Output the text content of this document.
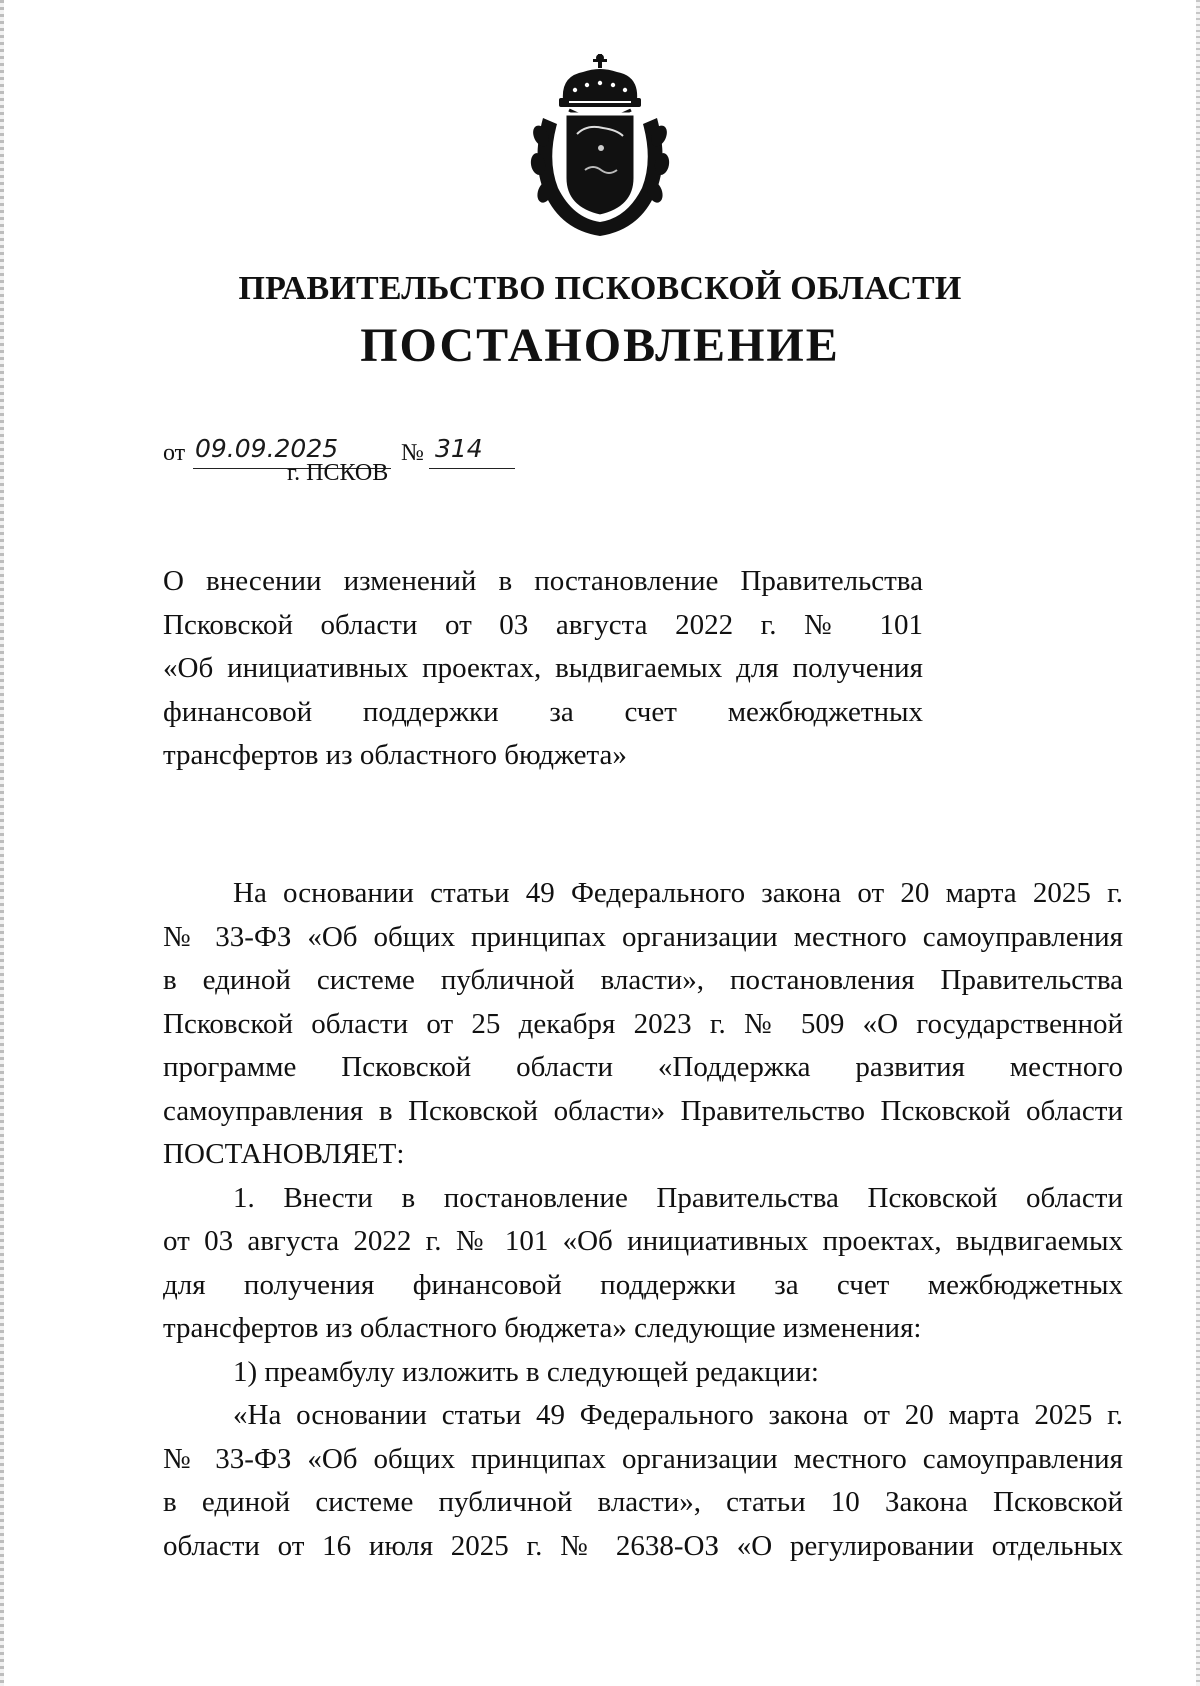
ПРАВИТЕЛЬСТВО ПСКОВСКОЙ ОБЛАСТИ
ПОСТАНОВЛЕНИЕ
от 09.09.2025	№ 314
г. ПСКОВ
О внесении изменений в постановление Правительства
Псковской области от 03 августа 2022 г. № 101
«Об инициативных проектах, выдвигаемых для получения
финансовой поддержки за счет межбюджетных
трансфертов из областного бюджета»
На основании статьи 49 Федерального закона от 20 марта 2025 г.
№ 33-ФЗ «Об общих принципах организации местного самоуправления
в единой системе публичной власти», постановления Правительства
Псковской области от 25 декабря 2023 г. № 509 «О государственной
программе Псковской области «Поддержка развития местного
самоуправления в Псковской области» Правительство Псковской области
ПОСТАНОВЛЯЕТ:
1. Внести в постановление Правительства Псковской области
от 03 августа 2022 г. № 101 «Об инициативных проектах, выдвигаемых
для получения финансовой поддержки за счет межбюджетных
трансфертов из областного бюджета» следующие изменения:
1) преамбулу изложить в следующей редакции:
«На основании статьи 49 Федерального закона от 20 марта 2025 г.
№ 33-ФЗ «Об общих принципах организации местного самоуправления
в единой системе публичной власти», статьи 10 Закона Псковской
области от 16 июля 2025 г. № 2638-ОЗ «О регулировании отдельных
